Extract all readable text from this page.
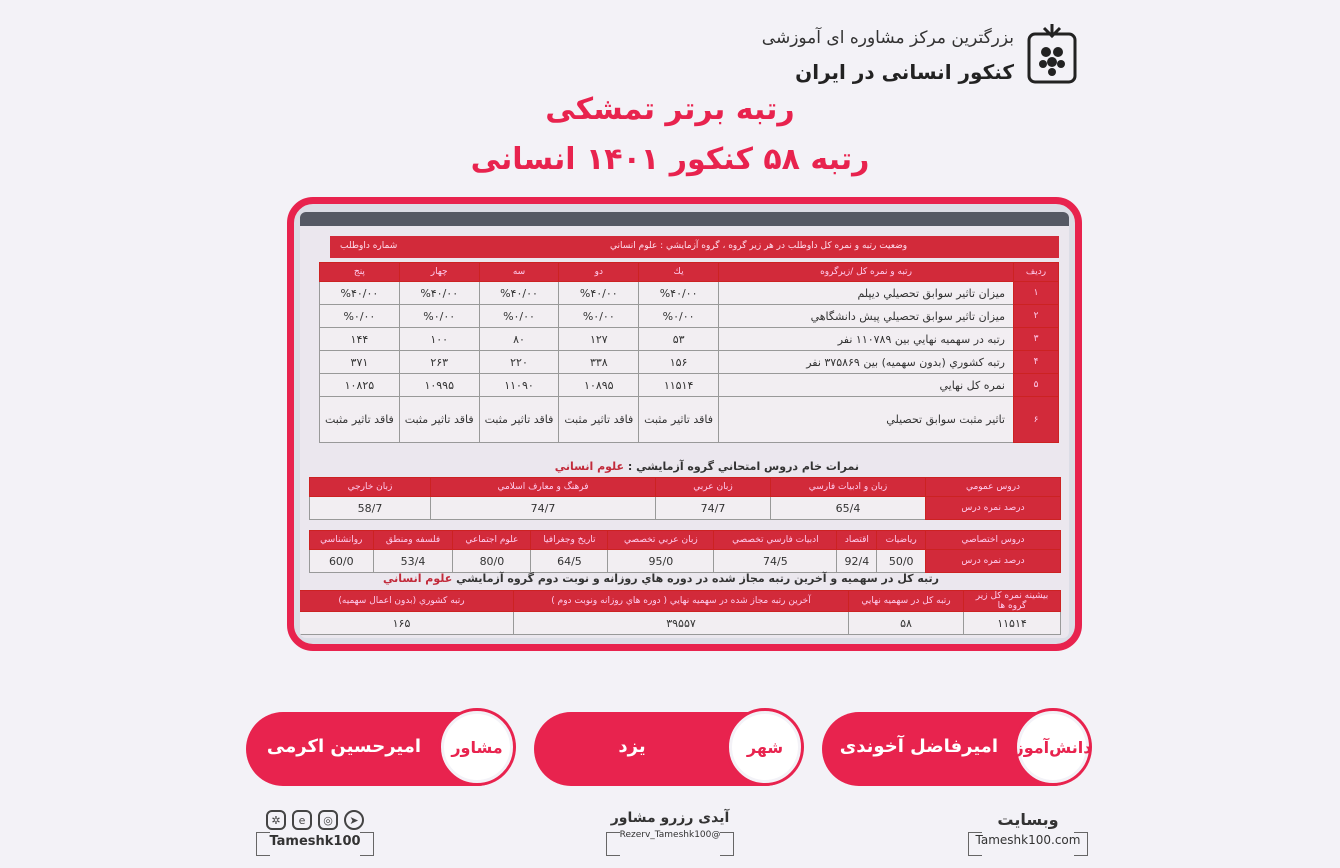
بزرگترین مرکز مشاوره ای آموزشی
کنکور انسانی در ایران
رتبه برتر تمشکی
رتبه ۵۸ کنکور ۱۴۰۱ انسانی
وضعيت رتبه و نمره كل داوطلب در هر زير گروه ، گروه آزمايشي : علوم انساني
شماره داوطلب
رديف	رتبه و نمره كل /زيرگروه	يك	دو	سه	چهار	پنج
۱	ميزان تاثير سوابق تحصيلي ديپلم	%۴۰/۰۰	%۴۰/۰۰	%۴۰/۰۰	%۴۰/۰۰	%۴۰/۰۰
۲	ميزان تاثير سوابق تحصيلي پيش دانشگاهي	%۰/۰۰	%۰/۰۰	%۰/۰۰	%۰/۰۰	%۰/۰۰
۳	رتبه در سهميه نهايي بين ۱۱۰۷۸۹ نفر	۵۳	۱۲۷	۸۰	۱۰۰	۱۴۴
۴	رتبه كشوري (بدون سهميه) بين ۳۷۵۸۶۹ نفر	۱۵۶	۳۳۸	۲۲۰	۲۶۳	۳۷۱
۵	نمره كل نهايي	۱۱۵۱۴	۱۰۸۹۵	۱۱۰۹۰	۱۰۹۹۵	۱۰۸۲۵
۶	تاثير مثبت سوابق تحصيلي	فاقد تاثير مثبت	فاقد تاثير مثبت	فاقد تاثير مثبت	فاقد تاثير مثبت	فاقد تاثير مثبت
نمرات خام دروس امتحاني گروه آزمايشي : علوم انساني
دروس عمومي	زبان و ادبيات فارسي	زبان عربي	فرهنگ و معارف اسلامي	زبان خارجي
درصد نمره درس	65/4	74/7	74/7	58/7
دروس اختصاصي	رياضيات	اقتصاد	ادبيات فارسي تخصصي	زبان عربي تخصصي	تاريخ وجغرافيا	علوم اجتماعي	فلسفه ومنطق	روانشناسي
درصد نمره درس	50/0	92/4	74/5	95/0	64/5	80/0	53/4	60/0
رتبه كل در سهميه و آخرين رتبه مجاز شده در دوره هاي روزانه و نوبت دوم گروه آزمايشي علوم انساني
بيشينه نمره كل زير گروه ها	رتبه كل در سهميه نهايي	آخرين رتبه مجاز شده در سهميه نهايي ( دوره هاي روزانه ونوبت دوم )	رتبه كشوري (بدون اعمال سهميه)
۱۱۵۱۴	۵۸	۳۹۵۵۷	۱۶۵
دانش‌آموز
امیرفاضل آخوندی
شهر
یزد
مشاور
امیرحسین اکرمی
وبسایت
Tameshk100.com
آیدی رزرو مشاور
@Rezerv_Tameshk100
✲	e	◎	➤
Tameshk100
